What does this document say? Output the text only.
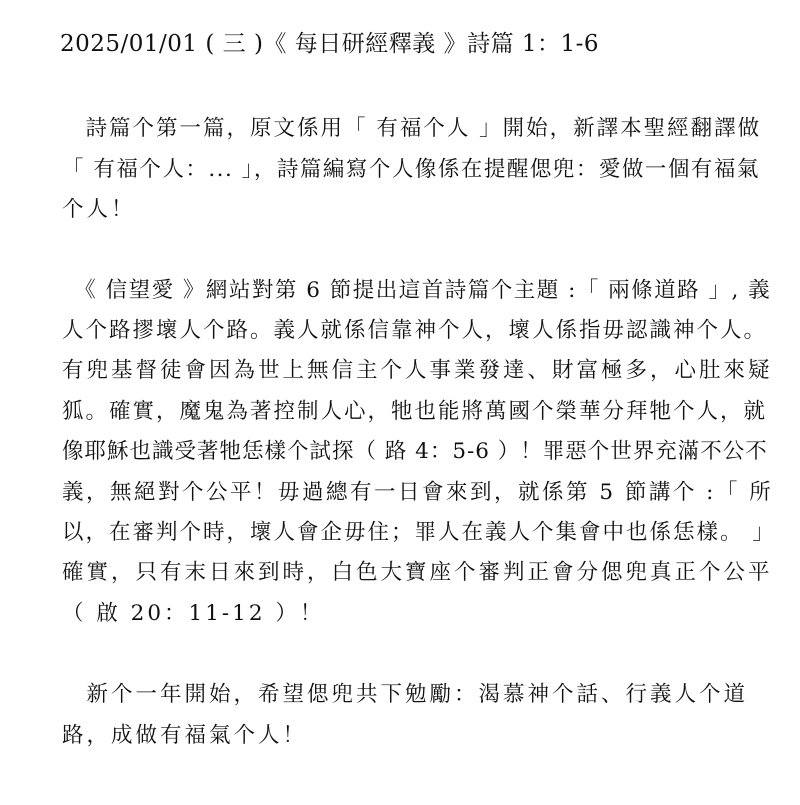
2025/01/01 ( 三 )《 每日研經釋義 》詩篇 1：1-6
　詩篇个第一篇，原文係用「 有福个人 」開始，新譯本聖經翻譯做
「 有福个人：... 」，詩篇編寫个人像係在提醒偲兜：愛做一個有福氣
个人！
　《 信望愛 》網站對第 6 節提出這首詩篇个主題 :「 兩條道路 」, 義
人个路摎壞人个路。義人就係信靠神个人，壞人係指毋認識神个人。
有兜基督徒會因為世上無信主个人事業發達、財富極多，心肚來疑
狐。確實，魔鬼為著控制人心，牠也能將萬國个榮華分拜牠个人，就
像耶穌也識受著牠恁樣个試探（ 路 4：5-6 ）！罪惡个世界充滿不公不
義，無絕對个公平！毋過總有一日會來到，就係第 5 節講个 :「 所
以，在審判个時，壞人會企毋住；罪人在義人个集會中也係恁樣。 」
確實，只有末日來到時，白色大寶座个審判正會分偲兜真正个公平
（ 啟 20：11-12 ）！
　新个一年開始，希望偲兜共下勉勵：渴慕神个話、行義人个道
路，成做有福氣个人！
